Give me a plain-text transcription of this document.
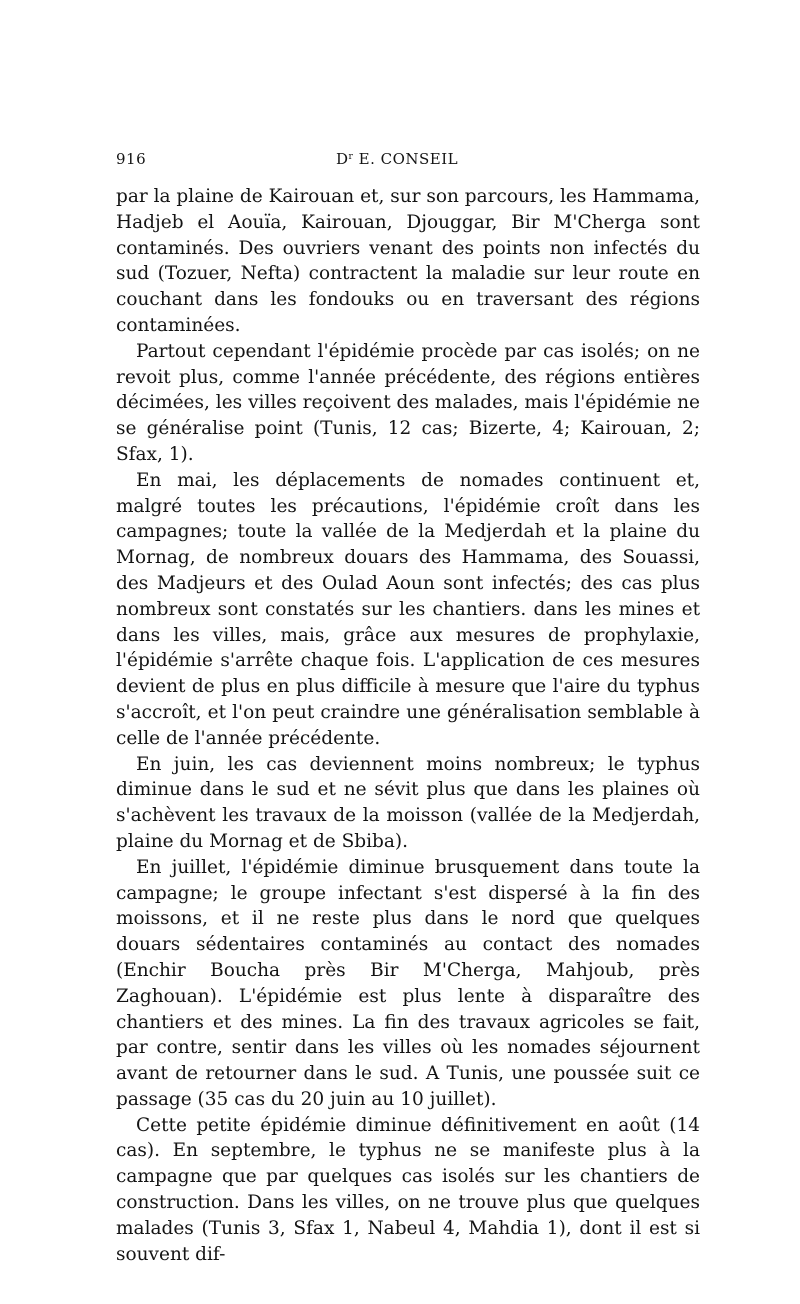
916	$D^r$ E. CONSEIL

par la plaine de Kairouan et, sur son parcours, les Hammama, Hadjeb el Aouïa, Kairouan, Djouggar, Bir M'Cherga sont contaminés. Des ouvriers venant des points non infectés du sud (Tozuer, Nefta) contractent la maladie sur leur route en couchant dans les fondouks ou en traversant des régions contaminées.

Partout cependant l'épidémie procède par cas isolés; on ne revoit plus, comme l'année précédente, des régions entières décimées, les villes reçoivent des malades, mais l'épidémie ne se généralise point (Tunis, 12 cas; Bizerte, 4; Kairouan, 2; Sfax, 1).

En mai, les déplacements de nomades continuent et, malgré toutes les précautions, l'épidémie croît dans les campagnes; toute la vallée de la Medjerdah et la plaine du Mornag, de nombreux douars des Hammama, des Souassi, des Madjeurs et des Oulad Aoun sont infectés; des cas plus nombreux sont constatés sur les chantiers. dans les mines et dans les villes, mais, grâce aux mesures de prophylaxie, l'épidémie s'arrête chaque fois. L'application de ces mesures devient de plus en plus difficile à mesure que l'aire du typhus s'accroît, et l'on peut craindre une généralisation semblable à celle de l'année précédente.

En juin, les cas deviennent moins nombreux; le typhus diminue dans le sud et ne sévit plus que dans les plaines où s'achèvent les travaux de la moisson (vallée de la Medjerdah, plaine du Mornag et de Sbiba).

En juillet, l'épidémie diminue brusquement dans toute la campagne; le groupe infectant s'est dispersé à la fin des moissons, et il ne reste plus dans le nord que quelques douars sédentaires contaminés au contact des nomades (Enchir Boucha près Bir M'Cherga, Mahjoub, près Zaghouan). L'épidémie est plus lente à disparaître des chantiers et des mines. La fin des travaux agricoles se fait, par contre, sentir dans les villes où les nomades séjournent avant de retourner dans le sud. A Tunis, une poussée suit ce passage (35 cas du 20 juin au 10 juillet).

Cette petite épidémie diminue définitivement en août (14 cas). En septembre, le typhus ne se manifeste plus à la campagne que par quelques cas isolés sur les chantiers de construction. Dans les villes, on ne trouve plus que quelques malades (Tunis 3, Sfax 1, Nabeul 4, Mahdia 1), dont il est si souvent dif-
